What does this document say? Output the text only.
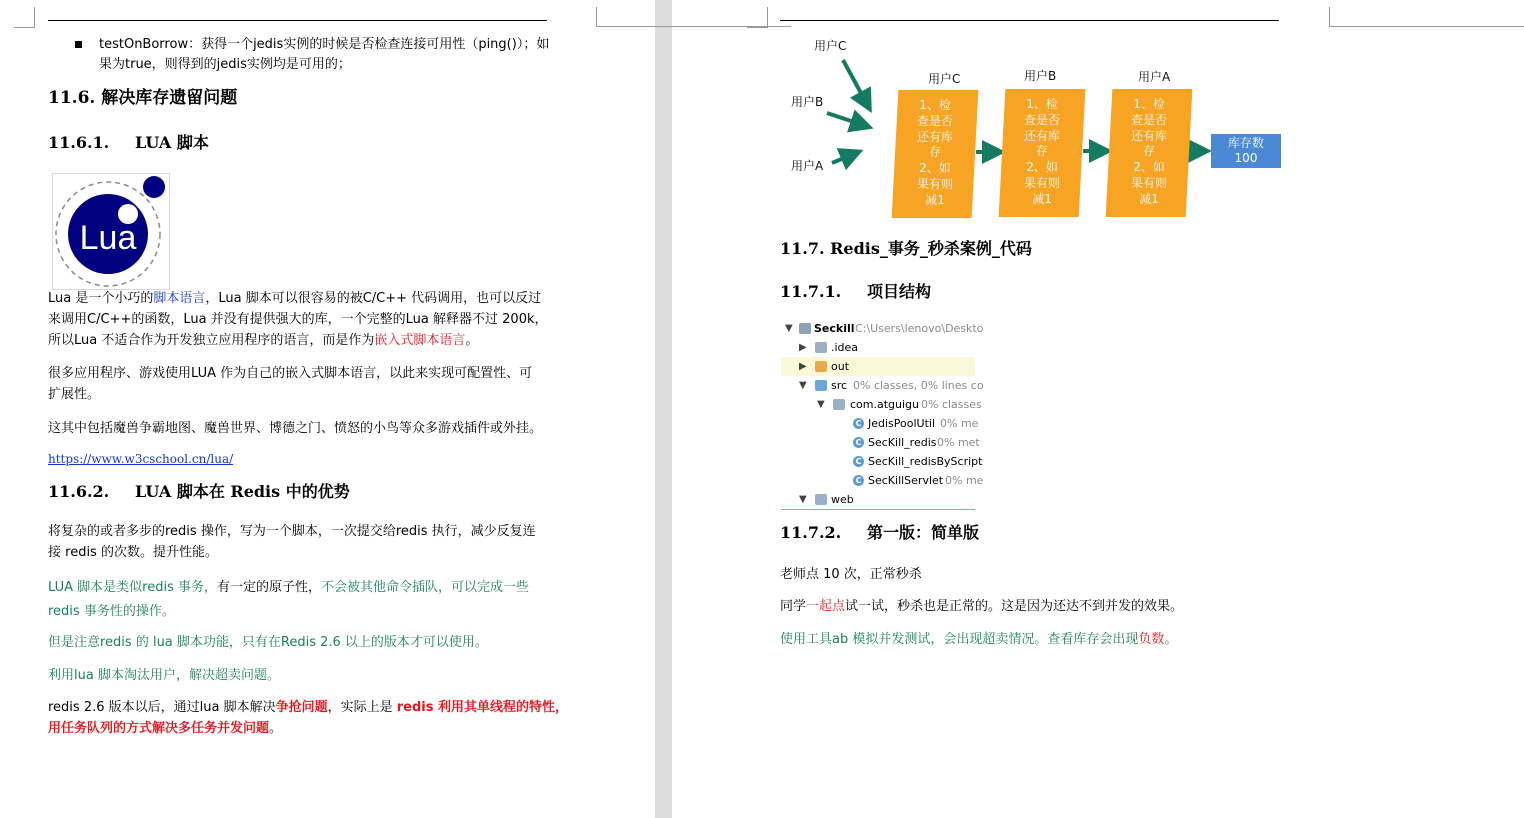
testOnBorrow：获得一个jedis实例的时候是否检查连接可用性（ping()）；如
果为true，则得到的jedis实例均是可用的；
11.6. 解决库存遗留问题
11.6.1. LUA 脚本
Lua
Lua 是一个小巧的脚本语言，Lua 脚本可以很容易的被C/C++ 代码调用，也可以反过
来调用C/C++的函数，Lua 并没有提供强大的库，一个完整的Lua 解释器不过 200k，
所以Lua 不适合作为开发独立应用程序的语言，而是作为嵌入式脚本语言。
很多应用程序、游戏使用LUA 作为自己的嵌入式脚本语言，以此来实现可配置性、可
扩展性。
这其中包括魔兽争霸地图、魔兽世界、博德之门、愤怒的小鸟等众多游戏插件或外挂。
https://www.w3cschool.cn/lua/
11.6.2. LUA 脚本在 Redis 中的优势
将复杂的或者多步的redis 操作，写为一个脚本，一次提交给redis 执行，减少反复连
接 redis 的次数。提升性能。
LUA 脚本是类似redis 事务，有一定的原子性，不会被其他命令插队，可以完成一些
redis 事务性的操作。
但是注意redis 的 lua 脚本功能，只有在Redis 2.6 以上的版本才可以使用。
利用lua 脚本淘汰用户，解决超卖问题。
redis 2.6 版本以后，通过lua 脚本解决争抢问题，实际上是 redis 利用其单线程的特性，
用任务队列的方式解决多任务并发问题。
用户C
用户B
用户A
用户C	用户B	用户A
1、检
查是否
还有库
存
2、如
果有则
减1
1、检
查是否
还有库
存
2、如
果有则
减1
1、检
查是否
还有库
存
2、如
果有则
减1
库存数
100
11.7. Redis_事务_秒杀案例_代码
11.7.1. 项目结构
▼ Seckill C:\Users\lenovo\Deskto
▶ .idea
▶ out
▼ src 0% classes, 0% lines co
▼ com.atguigu 0% classes
C JedisPoolUtil 0% me
C SecKill_redis 0% met
C SecKill_redisByScript
C SecKillServlet 0% me
▼ web
11.7.2. 第一版：简单版
老师点 10 次，正常秒杀
同学一起点试一试，秒杀也是正常的。这是因为还达不到并发的效果。
使用工具ab 模拟并发测试，会出现超卖情况。查看库存会出现负数。
